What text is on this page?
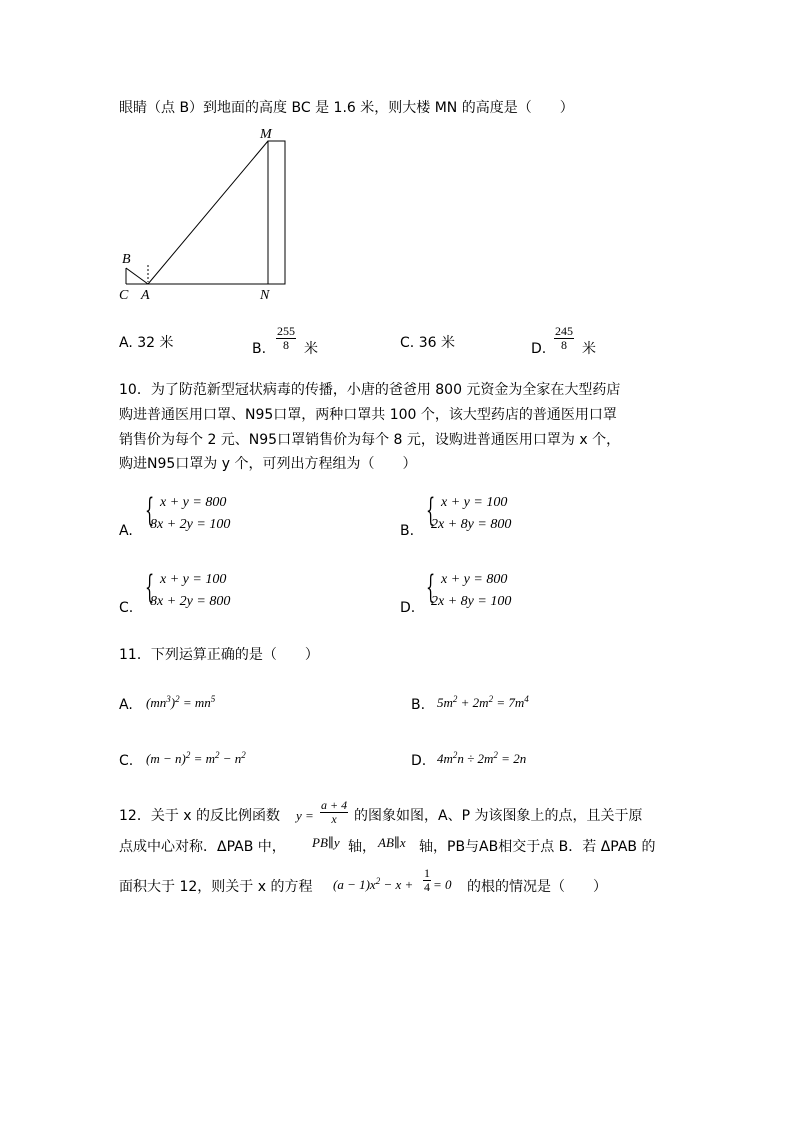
眼睛（点 B）到地面的高度 BC 是 1.6 米，则大楼 MN 的高度是（　　）
M
B
C A	N
A. 32 米	B. $\frac{255}{8}$ 米	C. 36 米	D. $\frac{245}{8}$ 米
10．为了防范新型冠状病毒的传播，小唐的爸爸用 800 元资金为全家在大型药店
购进普通医用口罩、N95口罩，两种口罩共 100 个，该大型药店的普通医用口罩
销售价为每个 2 元、N95口罩销售价为每个 8 元，设购进普通医用口罩为 x 个，
购进N95口罩为 y 个，可列出方程组为（　　）
A.
{ x + y = 800
8x + 2y = 100	B.
{ x + y = 100
2x + 8y = 800
C.
{ x + y = 100
8x + 2y = 800	D.
{ x + y = 800
2x + 8y = 100
11．下列运算正确的是（　　）
A. $(mn^3)^2 = mn^5$	B. $5m^2 + 2m^2 = 7m^4$
C. $(m - n)^2 = m^2 - n^2$	D. $4m^2n \div 2m^2 = 2n$
12．关于 x 的反比例函数 $y = \frac{a + 4}{x}$ 的图象如图，A、P 为该图象上的点，且关于原
点成中心对称．ΔPAB 中， PB∥y 轴， AB∥x 轴，PB与AB相交于点 B．若 ΔPAB 的
面积大于 12，则关于 x 的方程 $(a - 1)x^2 - x + \frac{1}{4} = 0$ 的根的情况是（　　）
